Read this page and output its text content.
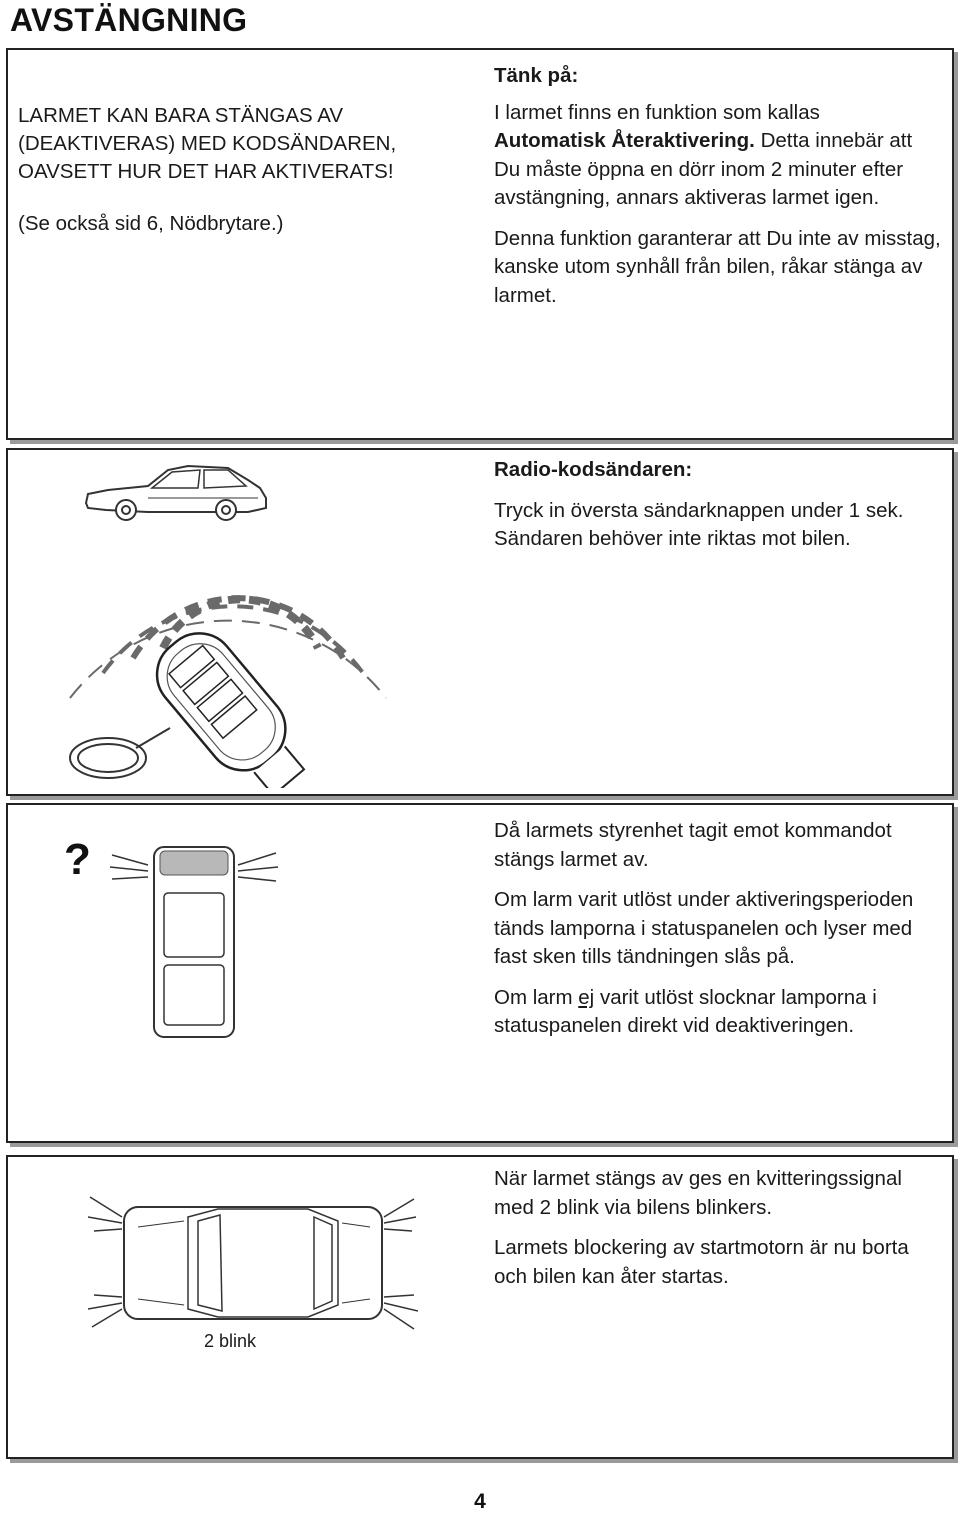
AVSTÄNGNING

LARMET KAN BARA STÄNGAS AV
(DEAKTIVERAS) MED KODSÄNDAREN,
OAVSETT HUR DET HAR AKTIVERATS!

(Se också sid 6, Nödbrytare.)

Tänk på:

I larmet finns en funktion som kallas
Automatisk Återaktivering. Detta innebär att Du måste öppna en dörr inom 2 minuter efter avstängning, annars aktiveras larmet igen.

Denna funktion garanterar att Du inte av misstag, kanske utom synhåll från bilen, råkar stänga av larmet.

Radio-kodsändaren:

Tryck in översta sändarknappen under 1 sek.

Sändaren behöver inte riktas mot bilen.

?

Då larmets styrenhet tagit emot kommandot stängs larmet av.

Om larm varit utlöst under aktiveringsperioden tänds lamporna i statuspanelen och lyser med fast sken tills tändningen slås på.

Om larm ej varit utlöst slocknar lamporna i statuspanelen direkt vid deaktiveringen.

2 blink

När larmet stängs av ges en kvitteringssignal med 2 blink via bilens blinkers.

Larmets blockering av startmotorn är nu borta och bilen kan åter startas.

4
